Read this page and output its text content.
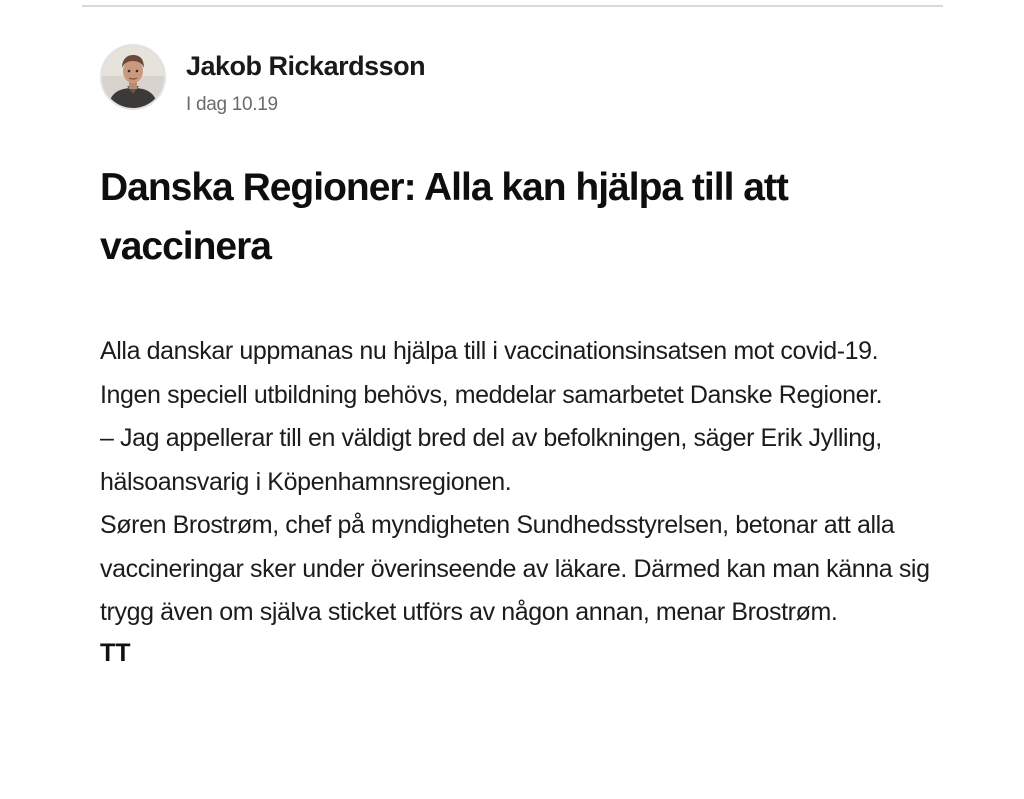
Jakob Rickardsson
I dag 10.19
Danska Regioner: Alla kan hjälpa till att vaccinera

Alla danskar uppmanas nu hjälpa till i vaccinationsinsatsen mot covid-19. Ingen speciell utbildning behövs, meddelar samarbetet Danske Regioner.

– Jag appellerar till en väldigt bred del av befolkningen, säger Erik Jylling, hälsoansvarig i Köpenhamnsregionen.

Søren Brostrøm, chef på myndigheten Sundhedsstyrelsen, betonar att alla vaccineringar sker under överinseende av läkare. Därmed kan man känna sig trygg även om själva sticket utförs av någon annan, menar Brostrøm.

TT
